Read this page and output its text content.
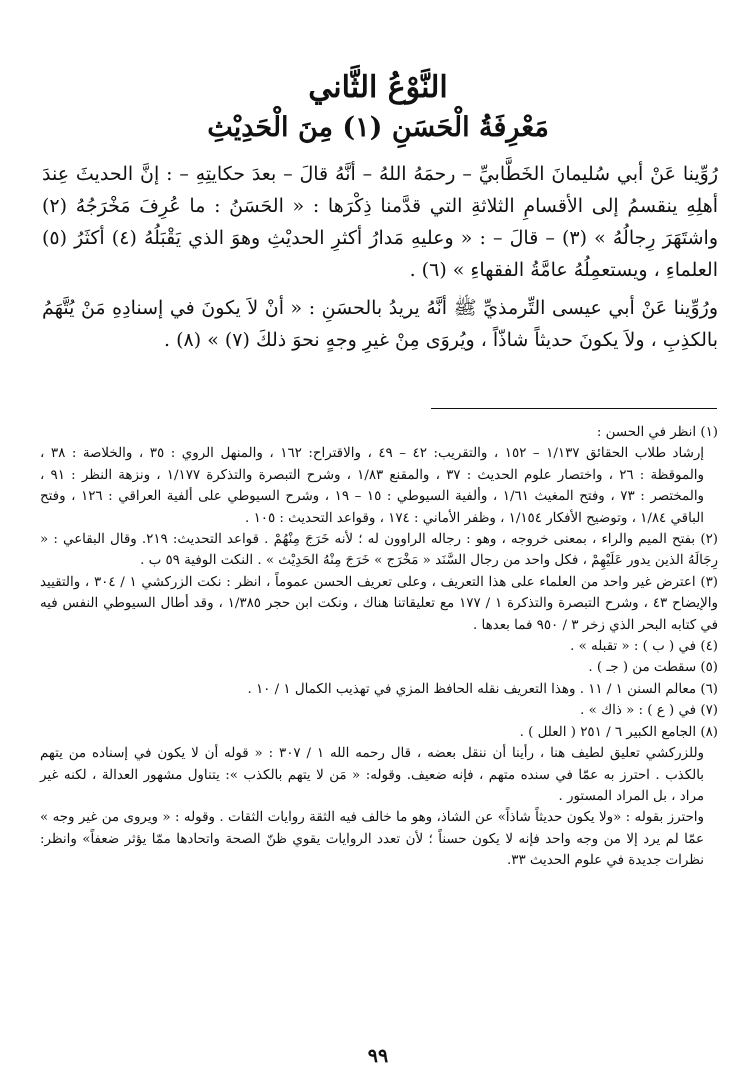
النَّوْعُ الثَّاني
مَعْرِفَةُ الْحَسَنِ (١) مِنَ الْحَدِيْثِ

رُوِّينا عَنْ أبي سُليمانَ الخَطَّابيِّ – رحمَهُ اللهُ – أنَّهُ قالَ – بعدَ حكايتِهِ – : إنَّ الحديثَ عِندَ أهلِهِ ينقسمُ إلى الأقسامِ الثلاثةِ التي قدَّمنا ذِكْرَها : « الحَسَنُ : ما عُرِفَ مَخْرَجُهُ (٢) واشتَهَرَ رِجالُهُ » (٣) – قالَ – : « وعليهِ مَدارُ أكثرِ الحديْثِ وهوَ الذي يَقْبَلُهُ (٤) أكثَرُ (٥) العلماءِ ، ويستعمِلُهُ عامَّةُ الفقهاءِ » (٦) .

ورُوِّينا عَنْ أبي عيسى التِّرمذيِّ ﷺ أنَّهُ يريدُ بالحسَنِ : « أنْ لاَ يكونَ في إسنادِهِ مَنْ يُتَّهَمُ بالكذِبِ ، ولاَ يكونَ حديثاً شاذّاً ، ويُروَى مِنْ غيرِ وجهٍ نحوَ ذلكَ (٧) » (٨) .

(١) انظر في الحسن :
إرشاد طلاب الحقائق ١/١٣٧ – ١٥٢ ، والتقريب: ٤٢ – ٤٩ ، والاقتراح: ١٦٢ ، والمنهل الروي : ٣٥ ، والخلاصة : ٣٨ ، والموقظة : ٢٦ ، واختصار علوم الحديث : ٣٧ ، والمقنع ١/٨٣ ، وشرح التبصرة والتذكرة ١/١٧٧ ، ونزهة النظر : ٩١ ، والمختصر : ٧٣ ، وفتح المغيث ١/٦١ ، وألفية السيوطي : ١٥ – ١٩ ، وشرح السيوطي على ألفية العراقي : ١٢٦ ، وفتح الباقي ١/٨٤ ، وتوضيح الأفكار ١/١٥٤ ، وظفر الأماني : ١٧٤ ، وقواعد التحديث : ١٠٥ .
(٢) بفتح الميم والراء ، بمعنى خروجه ، وهو : رجاله الراوون له ؛ لأنه خَرَجَ مِنْهُمْ . قواعد التحديث: ٢١٩. وقال البقاعي : « رِجَالَهُ الذين يدور عَلَيْهِمْ ، فكل واحد من رجال السَّنَد « مَخْرَج » خَرَجَ مِنْهُ الحَدِيْث » . النكت الوفية ٥٩ ب .
(٣) اعترض غير واحد من العلماء على هذا التعريف ، وعلى تعريف الحسن عموماً ، انظر : نكت الزركشي ١ / ٣٠٤ ، والتقييد والإيضاح ٤٣ ، وشرح التبصرة والتذكرة ١ / ١٧٧ مع تعليقاتنا هناك ، ونكت ابن حجر ١/٣٨٥ ، وقد أطال السيوطي النفس فيه في كتابه البحر الذي زخر ٣ / ٩٥٠ فما بعدها .
(٤) في ( ب ) : « تقبله » .
(٥) سقطت من ( جـ ) .
(٦) معالم السنن ١ / ١١ . وهذا التعريف نقله الحافظ المزي في تهذيب الكمال ١ / ١٠ .
(٧) في ( ع ) : « ذاك » .
(٨) الجامع الكبير ٦ / ٢٥١ ( العلل ) .
وللزركشي تعليق لطيف هنا ، رأينا أن ننقل بعضه ، قال رحمه الله ١ / ٣٠٧ : « قوله أن لا يكون في إسناده من يتهم بالكذب . احترز به عمّا في سنده متهم ، فإنه ضعيف. وقوله: « مَن لا يتهم بالكذب »: يتناول مشهور العدالة ، لكنه غير مراد ، بل المراد المستور .
واحترز بقوله : «ولا يكون حديثاً شاذاً» عن الشاذ، وهو ما خالف فيه الثقة روايات الثقات . وقوله : « ويروى من غير وجه » عمّا لم يرد إلا من وجه واحد فإنه لا يكون حسناً ؛ لأن تعدد الروايات يقوي ظنّ الصحة واتحادها ممّا يؤثر ضعفاً» وانظر: نظرات جديدة في علوم الحديث ٣٣.
٩٩
